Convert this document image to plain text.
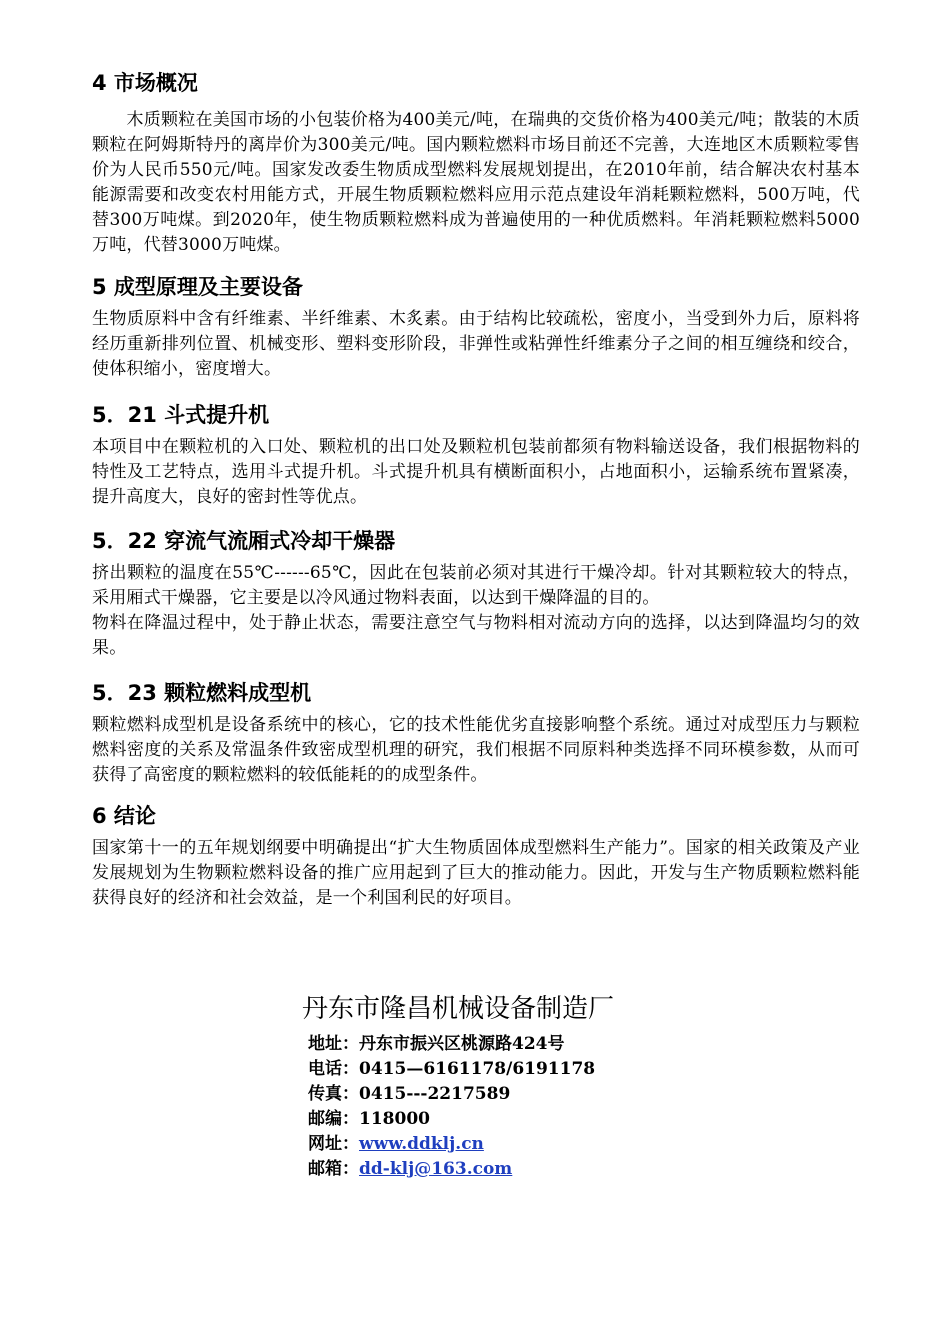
4 市场概况

　　木质颗粒在美国市场的小包装价格为400美元/吨，在瑞典的交货价格为400美元/吨；散装的木质颗粒在阿姆斯特丹的离岸价为300美元/吨。国内颗粒燃料市场目前还不完善，大连地区木质颗粒零售价为人民币550元/吨。国家发改委生物质成型燃料发展规划提出，在2010年前，结合解决农村基本能源需要和改变农村用能方式，开展生物质颗粒燃料应用示范点建设年消耗颗粒燃料，500万吨，代替300万吨煤。到2020年，使生物质颗粒燃料成为普遍使用的一种优质燃料。年消耗颗粒燃料5000万吨，代替3000万吨煤。

5 成型原理及主要设备

生物质原料中含有纤维素、半纤维素、木炙素。由于结构比较疏松，密度小，当受到外力后，原料将经历重新排列位置、机械变形、塑料变形阶段，非弹性或粘弹性纤维素分子之间的相互缠绕和绞合，使体积缩小，密度增大。

5．21 斗式提升机

本项目中在颗粒机的入口处、颗粒机的出口处及颗粒机包装前都须有物料输送设备，我们根据物料的特性及工艺特点，选用斗式提升机。斗式提升机具有横断面积小，占地面积小，运输系统布置紧凑，提升高度大，良好的密封性等优点。

5．22 穿流气流厢式冷却干燥器

挤出颗粒的温度在55℃------65℃，因此在包装前必须对其进行干燥冷却。针对其颗粒较大的特点，采用厢式干燥器，它主要是以冷风通过物料表面，以达到干燥降温的目的。

物料在降温过程中，处于静止状态，需要注意空气与物料相对流动方向的选择，以达到降温均匀的效果。

5．23 颗粒燃料成型机

颗粒燃料成型机是设备系统中的核心，它的技术性能优劣直接影响整个系统。通过对成型压力与颗粒燃料密度的关系及常温条件致密成型机理的研究，我们根据不同原料种类选择不同环模参数，从而可获得了高密度的颗粒燃料的较低能耗的的成型条件。

6 结论

国家第十一的五年规划纲要中明确提出“扩大生物质固体成型燃料生产能力”。国家的相关政策及产业发展规划为生物颗粒燃料设备的推广应用起到了巨大的推动能力。因此，开发与生产物质颗粒燃料能获得良好的经济和社会效益，是一个利国利民的好项目。

丹东市隆昌机械设备制造厂
地址：丹东市振兴区桃源路424号
电话：0415—6161178/6191178
传真：0415---2217589
邮编：118000
网址：www.ddklj.cn
邮箱：dd-klj@163.com
